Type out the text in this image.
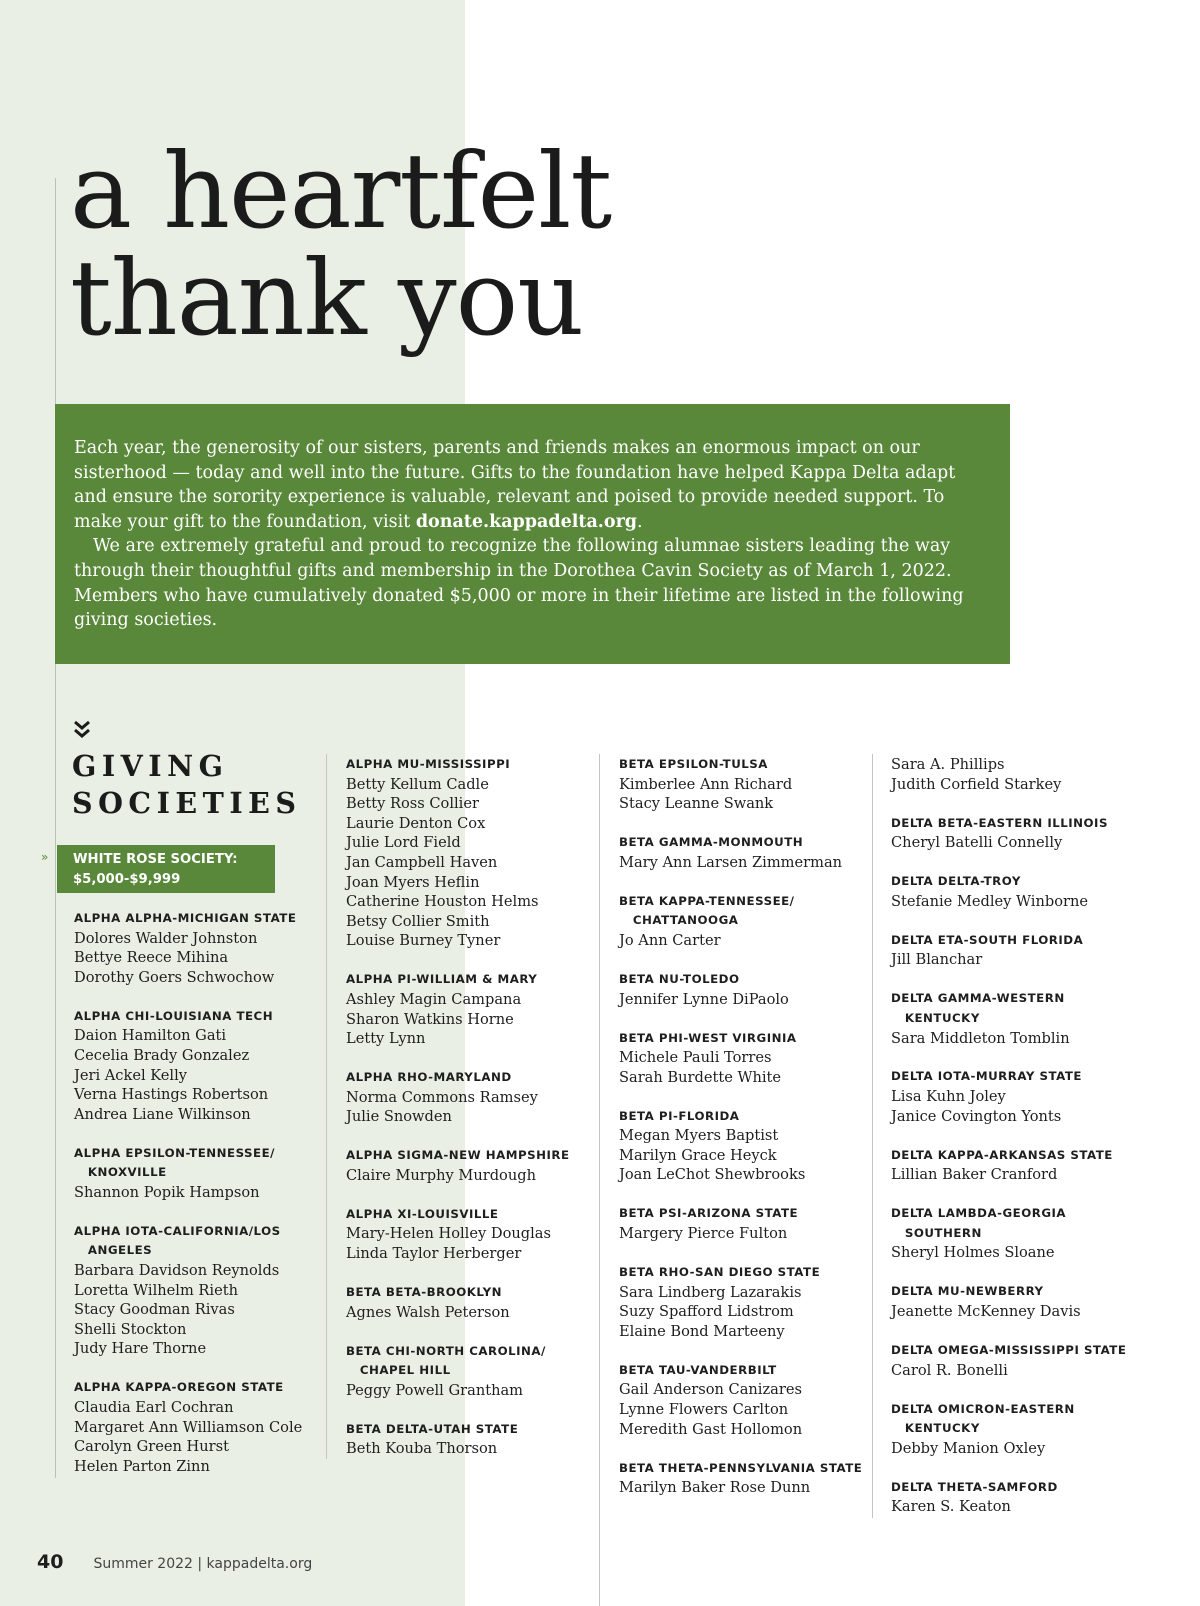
a heartfelt
thank you

Each year, the generosity of our sisters, parents and friends makes an enormous impact on our sisterhood — today and well into the future. Gifts to the foundation have helped Kappa Delta adapt and ensure the sorority experience is valuable, relevant and poised to provide needed support. To make your gift to the foundation, visit donate.kappadelta.org.

We are extremely grateful and proud to recognize the following alumnae sisters leading the way through their thoughtful gifts and membership in the Dorothea Cavin Society as of March 1, 2022. Members who have cumulatively donated $5,000 or more in their lifetime are listed in the following giving societies.

GIVING
SOCIETIES
» WHITE ROSE SOCIETY:
$5,000-$9,999
ALPHA ALPHA-MICHIGAN STATE
Dolores Walder Johnston
Bettye Reece Mihina
Dorothy Goers Schwochow
ALPHA CHI-LOUISIANA TECH
Daion Hamilton Gati
Cecelia Brady Gonzalez
Jeri Ackel Kelly
Verna Hastings Robertson
Andrea Liane Wilkinson
ALPHA EPSILON-TENNESSEE/
KNOXVILLE
Shannon Popik Hampson
ALPHA IOTA-CALIFORNIA/LOS
ANGELES
Barbara Davidson Reynolds
Loretta Wilhelm Rieth
Stacy Goodman Rivas
Shelli Stockton
Judy Hare Thorne
ALPHA KAPPA-OREGON STATE
Claudia Earl Cochran
Margaret Ann Williamson Cole
Carolyn Green Hurst
Helen Parton Zinn
ALPHA MU-MISSISSIPPI
Betty Kellum Cadle
Betty Ross Collier
Laurie Denton Cox
Julie Lord Field
Jan Campbell Haven
Joan Myers Heflin
Catherine Houston Helms
Betsy Collier Smith
Louise Burney Tyner
ALPHA PI-WILLIAM & MARY
Ashley Magin Campana
Sharon Watkins Horne
Letty Lynn
ALPHA RHO-MARYLAND
Norma Commons Ramsey
Julie Snowden
ALPHA SIGMA-NEW HAMPSHIRE
Claire Murphy Murdough
ALPHA XI-LOUISVILLE
Mary-Helen Holley Douglas
Linda Taylor Herberger
BETA BETA-BROOKLYN
Agnes Walsh Peterson
BETA CHI-NORTH CAROLINA/
CHAPEL HILL
Peggy Powell Grantham
BETA DELTA-UTAH STATE
Beth Kouba Thorson
BETA EPSILON-TULSA
Kimberlee Ann Richard
Stacy Leanne Swank
BETA GAMMA-MONMOUTH
Mary Ann Larsen Zimmerman
BETA KAPPA-TENNESSEE/
CHATTANOOGA
Jo Ann Carter
BETA NU-TOLEDO
Jennifer Lynne DiPaolo
BETA PHI-WEST VIRGINIA
Michele Pauli Torres
Sarah Burdette White
BETA PI-FLORIDA
Megan Myers Baptist
Marilyn Grace Heyck
Joan LeChot Shewbrooks
BETA PSI-ARIZONA STATE
Margery Pierce Fulton
BETA RHO-SAN DIEGO STATE
Sara Lindberg Lazarakis
Suzy Spafford Lidstrom
Elaine Bond Marteeny
BETA TAU-VANDERBILT
Gail Anderson Canizares
Lynne Flowers Carlton
Meredith Gast Hollomon
BETA THETA-PENNSYLVANIA STATE
Marilyn Baker Rose Dunn
Sara A. Phillips
Judith Corfield Starkey
DELTA BETA-EASTERN ILLINOIS
Cheryl Batelli Connelly
DELTA DELTA-TROY
Stefanie Medley Winborne
DELTA ETA-SOUTH FLORIDA
Jill Blanchar
DELTA GAMMA-WESTERN
KENTUCKY
Sara Middleton Tomblin
DELTA IOTA-MURRAY STATE
Lisa Kuhn Joley
Janice Covington Yonts
DELTA KAPPA-ARKANSAS STATE
Lillian Baker Cranford
DELTA LAMBDA-GEORGIA
SOUTHERN
Sheryl Holmes Sloane
DELTA MU-NEWBERRY
Jeanette McKenney Davis
DELTA OMEGA-MISSISSIPPI STATE
Carol R. Bonelli
DELTA OMICRON-EASTERN
KENTUCKY
Debby Manion Oxley
DELTA THETA-SAMFORD
Karen S. Keaton
40 Summer 2022 | kappadelta.org
